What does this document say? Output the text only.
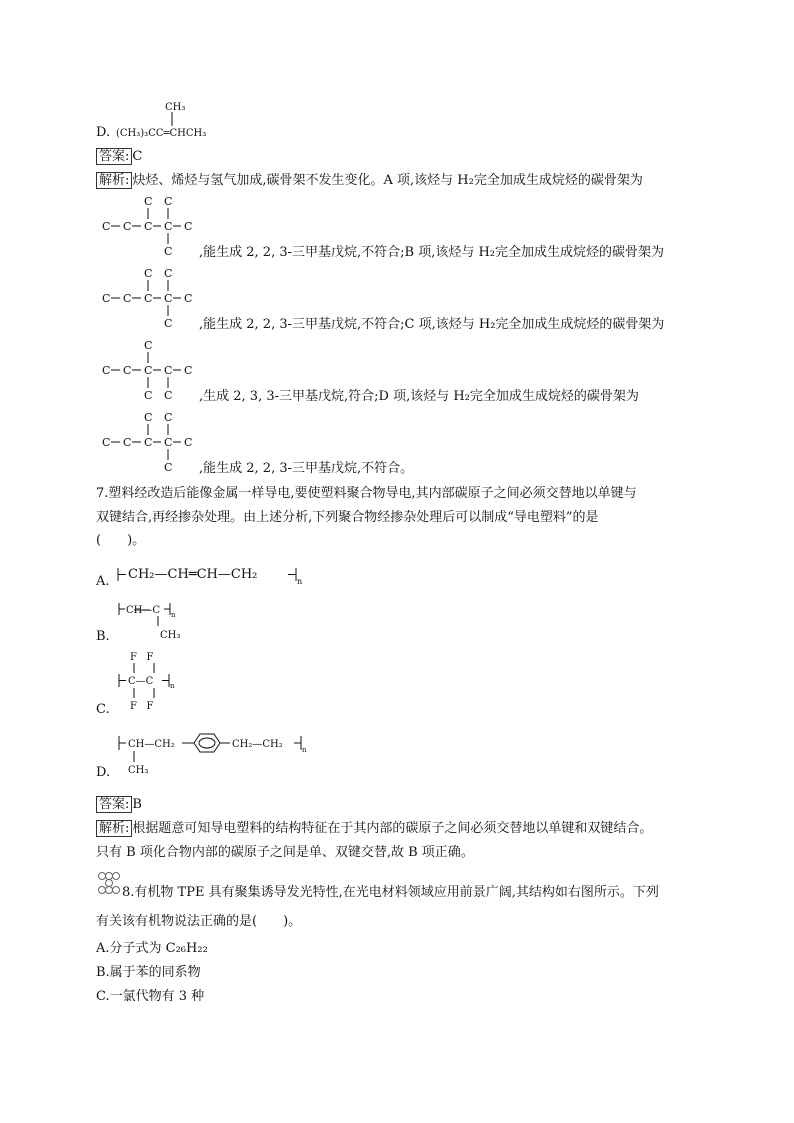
CH₃
D. (CH₃)₃CC═CHCH₃
答案: C
解析: 炔烃、烯烃与氢气加成,碳骨架不发生变化。A 项,该烃与 H₂完全加成生成烷烃的碳骨架为
C C
C C C C C
C ,能生成 2, 2, 3-三甲基戊烷,不符合;B 项,该烃与 H₂完全加成生成烷烃的碳骨架为
C C
C C C C C
C ,能生成 2, 2, 3-三甲基戊烷,不符合;C 项,该烃与 H₂完全加成生成烷烃的碳骨架为
C
C C C C C
C C ,生成 2, 3, 3-三甲基戊烷,符合;D 项,该烃与 H₂完全加成生成烷烃的碳骨架为
C C
C C C C C
C ,能生成 2, 2, 3-三甲基戊烷,不符合。
7.塑料经改造后能像金属一样导电,要使塑料聚合物导电,其内部碳原子之间必须交替地以单键与
双键结合,再经掺杂处理。由上述分析,下列聚合物经掺杂处理后可以制成“导电塑料”的是
(　　)。
A. CH₂—CH═CH—CH₂	n
CH—C n
CH₃
B.
F   F
C—C n
F   F
C.
CH—CH₂	CH₂—CH₂	n
CH₃
D.
答案: B
解析: 根据题意可知导电塑料的结构特征在于其内部的碳原子之间必须交替地以单键和双键结合。
只有 B 项化合物内部的碳原子之间是单、双键交替,故 B 项正确。
8.有机物 TPE 具有聚集诱导发光特性,在光电材料领域应用前景广阔,其结构如右图所示。下列
有关该有机物说法正确的是(　　)。
A.分子式为 C₂₆H₂₂
B.属于苯的同系物
C.一氯代物有 3 种
